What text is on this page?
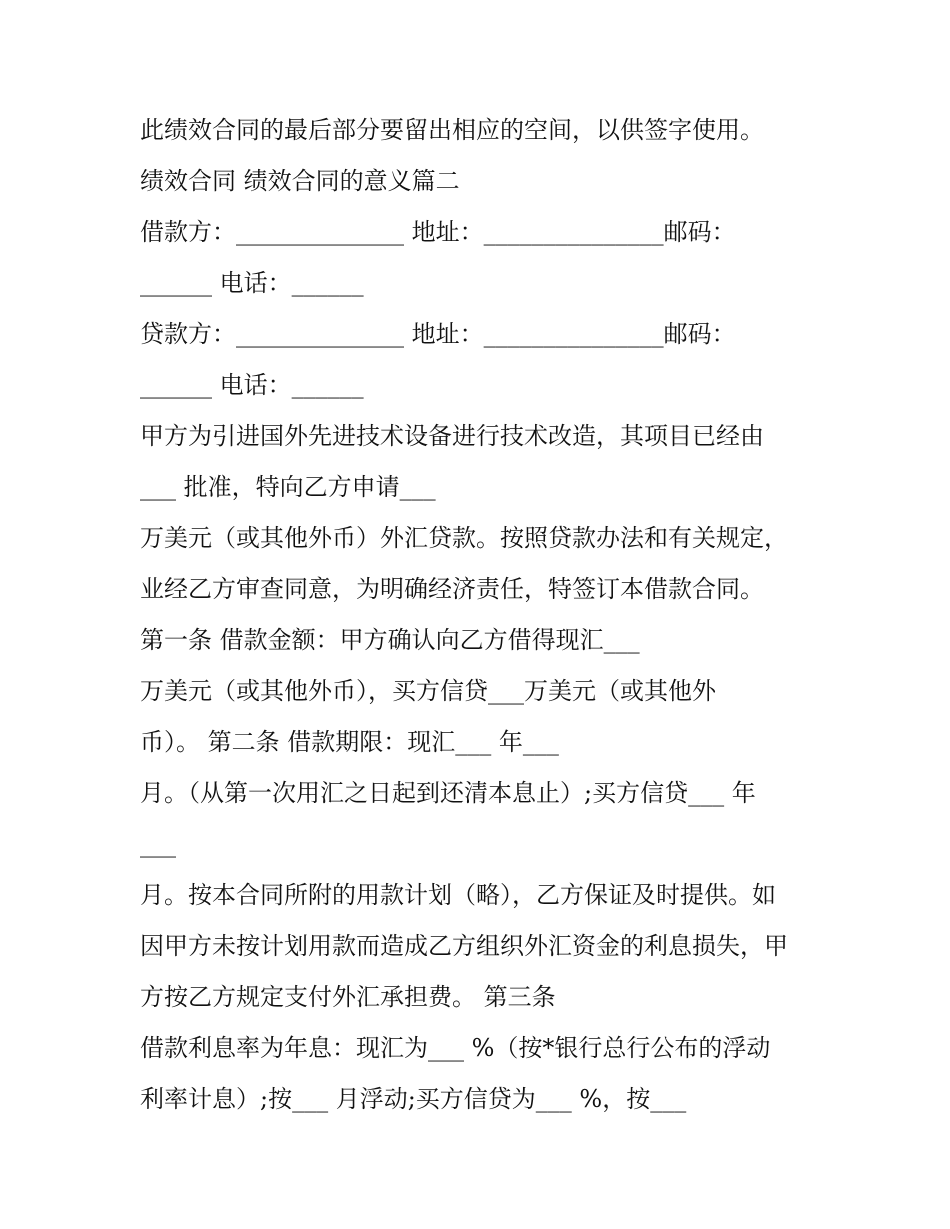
此绩效合同的最后部分要留出相应的空间，以供签字使用。
绩效合同 绩效合同的意义篇二
借款方：______________ 地址：_______________邮码：
______ 电话：______
贷款方：______________ 地址：_______________邮码：
______ 电话：______
甲方为引进国外先进技术设备进行技术改造，其项目已经由
___ 批准，特向乙方申请___
万美元（或其他外币）外汇贷款。按照贷款办法和有关规定，
业经乙方审查同意，为明确经济责任，特签订本借款合同。
第一条 借款金额：甲方确认向乙方借得现汇___
万美元（或其他外币），买方信贷___万美元（或其他外
币）。 第二条 借款期限：现汇___ 年___
月。（从第一次用汇之日起到还清本息止）;买方信贷___ 年
___
月。按本合同所附的用款计划（略），乙方保证及时提供。如
因甲方未按计划用款而造成乙方组织外汇资金的利息损失，甲
方按乙方规定支付外汇承担费。 第三条
借款利息率为年息：现汇为___ %（按*银行总行公布的浮动
利率计息）;按___ 月浮动;买方信贷为___ %，按___
